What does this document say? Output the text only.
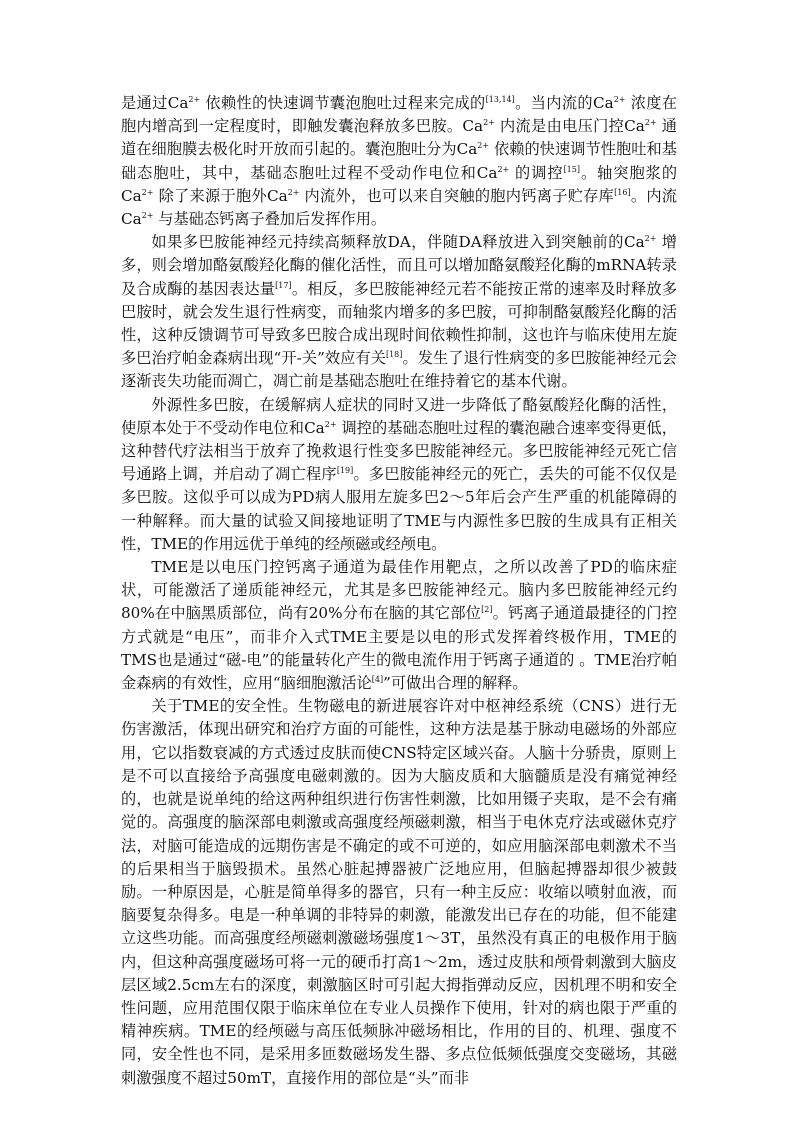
是通过$Ca^{2+}$ 依赖性的快速调节囊泡胞吐过程来完成的[13,14]。当内流的$Ca^{2+}$ 浓度在胞内增高到一定程度时，即触发囊泡释放多巴胺。$Ca^{2+}$ 内流是由电压门控$Ca^{2+}$ 通道在细胞膜去极化时开放而引起的。囊泡胞吐分为$Ca^{2+}$ 依赖的快速调节性胞吐和基础态胞吐，其中，基础态胞吐过程不受动作电位和$Ca^{2+}$ 的调控[15]。轴突胞浆的$Ca^{2+}$ 除了来源于胞外$Ca^{2+}$ 内流外，也可以来自突触的胞内钙离子贮存库[16]。内流$Ca^{2+}$ 与基础态钙离子叠加后发挥作用。

如果多巴胺能神经元持续高频释放DA，伴随DA释放进入到突触前的$Ca^{2+}$ 增多，则会增加酪氨酸羟化酶的催化活性，而且可以增加酪氨酸羟化酶的mRNA转录及合成酶的基因表达量[17]。相反，多巴胺能神经元若不能按正常的速率及时释放多巴胺时，就会发生退行性病变，而轴浆内增多的多巴胺，可抑制酪氨酸羟化酶的活性，这种反馈调节可导致多巴胺合成出现时间依赖性抑制，这也许与临床使用左旋多巴治疗帕金森病出现“开-关”效应有关[18]。发生了退行性病变的多巴胺能神经元会逐渐丧失功能而凋亡，凋亡前是基础态胞吐在维持着它的基本代谢。

外源性多巴胺，在缓解病人症状的同时又进一步降低了酪氨酸羟化酶的活性，使原本处于不受动作电位和$Ca^{2+}$ 调控的基础态胞吐过程的囊泡融合速率变得更低，这种替代疗法相当于放弃了挽救退行性变多巴胺能神经元。多巴胺能神经元死亡信号通路上调，并启动了凋亡程序[19]。多巴胺能神经元的死亡，丢失的可能不仅仅是多巴胺。这似乎可以成为PD病人服用左旋多巴2～5年后会产生严重的机能障碍的一种解释。而大量的试验又间接地证明了TME与内源性多巴胺的生成具有正相关性，TME的作用远优于单纯的经颅磁或经颅电。

TME是以电压门控钙离子通道为最佳作用靶点，之所以改善了PD的临床症状，可能激活了递质能神经元，尤其是多巴胺能神经元。脑内多巴胺能神经元约80%在中脑黑质部位，尚有20%分布在脑的其它部位[2]。钙离子通道最捷径的门控方式就是“电压”，而非介入式TME主要是以电的形式发挥着终极作用，TME的TMS也是通过“磁-电”的能量转化产生的微电流作用于钙离子通道的 。TME治疗帕金森病的有效性，应用“脑细胞激活论[4]”可做出合理的解释。

关于TME的安全性。生物磁电的新进展容许对中枢神经系统（CNS）进行无伤害激活，体现出研究和治疗方面的可能性，这种方法是基于脉动电磁场的外部应用，它以指数衰减的方式透过皮肤而使CNS特定区域兴奋。人脑十分骄贵，原则上是不可以直接给予高强度电磁刺激的。因为大脑皮质和大脑髓质是没有痛觉神经的，也就是说单纯的给这两种组织进行伤害性刺激，比如用镊子夹取，是不会有痛觉的。高强度的脑深部电刺激或高强度经颅磁刺激，相当于电休克疗法或磁休克疗法，对脑可能造成的远期伤害是不确定的或不可逆的，如应用脑深部电刺激术不当的后果相当于脑毁损术。虽然心脏起搏器被广泛地应用，但脑起搏器却很少被鼓励。一种原因是，心脏是简单得多的器官，只有一种主反应：收缩以喷射血液，而脑要复杂得多。电是一种单调的非特异的刺激，能激发出已存在的功能，但不能建立这些功能。而高强度经颅磁刺激磁场强度1～3T，虽然没有真正的电极作用于脑内，但这种高强度磁场可将一元的硬币打高1～2m，透过皮肤和颅骨刺激到大脑皮层区域2.5cm左右的深度，刺激脑区时可引起大拇指弹动反应，因机理不明和安全性问题，应用范围仅限于临床单位在专业人员操作下使用，针对的病也限于严重的精神疾病。TME的经颅磁与高压低频脉冲磁场相比，作用的目的、机理、强度不同，安全性也不同，是采用多匝数磁场发生器、多点位低频低强度交变磁场，其磁刺激强度不超过50mT，直接作用的部位是“头”而非
